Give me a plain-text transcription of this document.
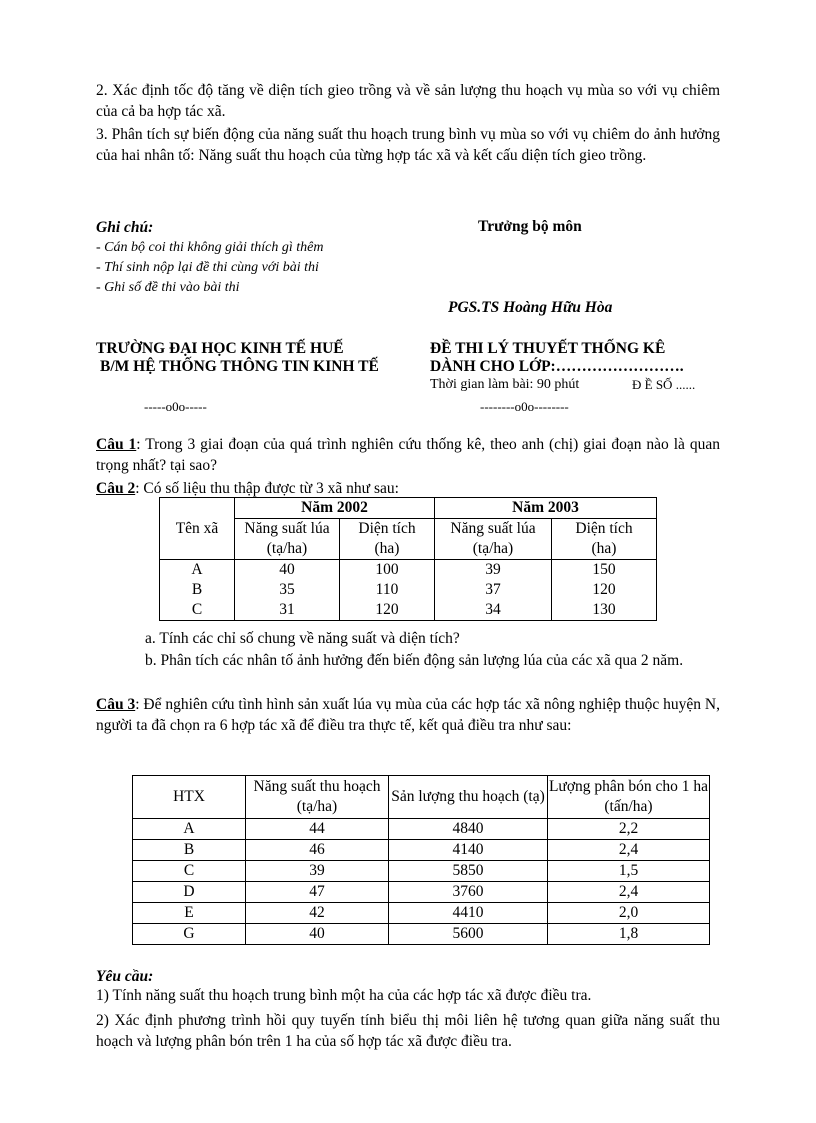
2. Xác định tốc độ tăng về diện tích gieo trồng và về sản lượng thu hoạch vụ mùa so với vụ chiêm của cả ba hợp tác xã.
3. Phân tích sự biến động của năng suất thu hoạch trung bình vụ mùa so với vụ chiêm do ảnh hưởng của hai nhân tố: Năng suất thu hoạch của từng hợp tác xã và kết cấu diện tích gieo trồng.
Ghi chú:
- Cán bộ coi thi không giải thích gì thêm
- Thí sinh nộp lại đề thi cùng với bài thi
- Ghi số đề thi vào bài thi
Trưởng bộ môn
PGS.TS Hoàng Hữu Hòa
TRƯỜNG ĐẠI HỌC KINH TẾ HUẾ
B/M HỆ THỐNG THÔNG TIN KINH TẾ
-----o0o-----
ĐỀ THI LÝ THUYẾT THỐNG KÊ
DÀNH CHO LỚP:…………………….
Thời gian làm bài: 90 phút	Đ Ề SỐ ......
--------o0o--------
Câu 1: Trong 3 giai đoạn của quá trình nghiên cứu thống kê, theo anh (chị) giai đoạn nào là quan trọng nhất? tại sao?
Câu 2: Có số liệu thu thập được từ 3 xã như sau:
Tên xã	Năm 2002		Năm 2003	
	Năng suất lúa	Diện tích	Năng suất lúa	Diện tích
	(tạ/ha)	(ha)	(tạ/ha)	(ha)
A	40	100	39	150
B	35	110	37	120
C	31	120	34	130
a. Tính các chỉ số chung về năng suất và diện tích?
b. Phân tích các nhân tố ảnh hưởng đến biến động sản lượng lúa của các xã qua 2 năm.
Câu 3: Để nghiên cứu tình hình sản xuất lúa vụ mùa của các hợp tác xã nông nghiệp thuộc huyện N, người ta đã chọn ra 6 hợp tác xã để điều tra thực tế, kết quả điều tra như sau:
HTX	Năng suất thu hoạch (tạ/ha)	Sản lượng thu hoạch (tạ)	Lượng phân bón cho 1 ha (tấn/ha)
A	44	4840	2,2
B	46	4140	2,4
C	39	5850	1,5
D	47	3760	2,4
E	42	4410	2,0
G	40	5600	1,8
Yêu cầu:
1) Tính năng suất thu hoạch trung bình một ha của các hợp tác xã được điều tra.
2) Xác định phương trình hồi quy tuyến tính biểu thị môi liên hệ tương quan giữa năng suất thu hoạch và lượng phân bón trên 1 ha của số hợp tác xã được điều tra.
